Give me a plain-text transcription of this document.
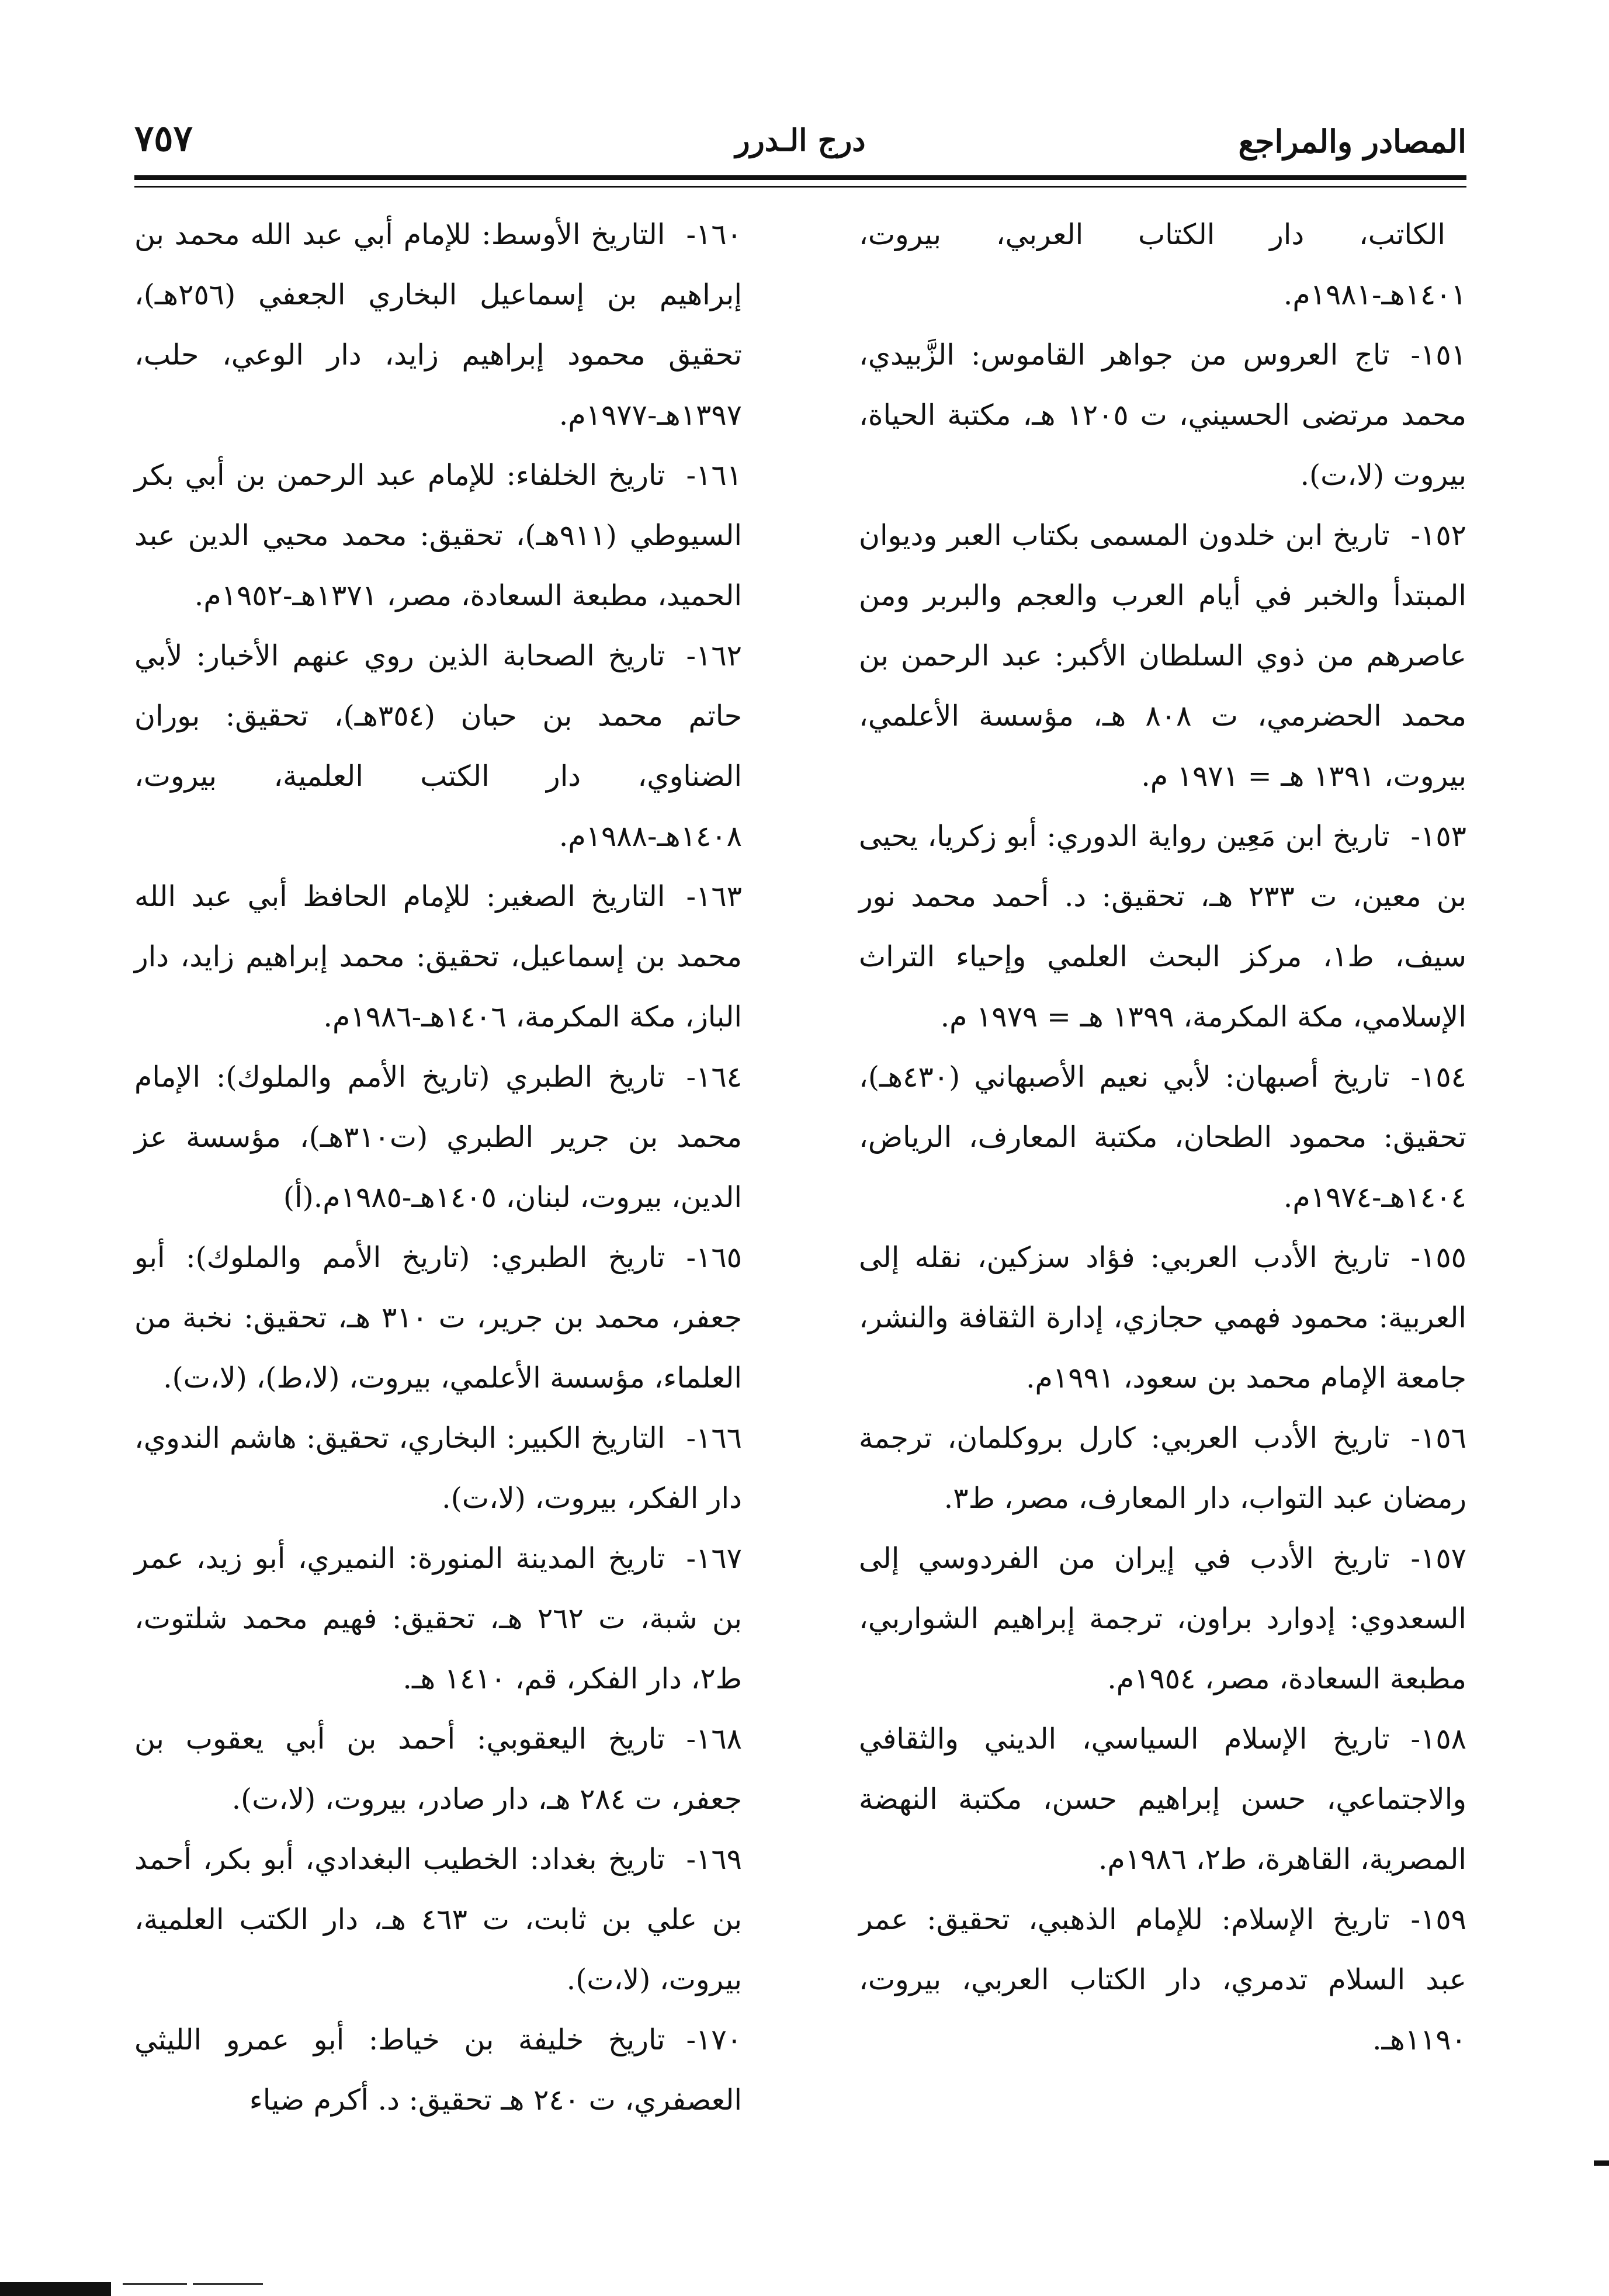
المصادر والمراجع
درج الـدرر
٧٥٧

الكاتب، دار الكتاب العربي، بيروت، ١٤٠١هـ-١٩٨١م.

١٥١-تاج العروس من جواهر القاموس: الزَّبيدي، محمد مرتضى الحسيني، ت ١٢٠٥ هـ، مكتبة الحياة، بيروت (لا،ت).

١٥٢-تاريخ ابن خلدون المسمى بكتاب العبر وديوان المبتدأ والخبر في أيام العرب والعجم والبربر ومن عاصرهم من ذوي السلطان الأكبر: عبد الرحمن بن محمد الحضرمي، ت ٨٠٨ هـ، مؤسسة الأعلمي، بيروت، ١٣٩١ هـ = ١٩٧١ م.

١٥٣-تاريخ ابن مَعِين رواية الدوري: أبو زكريا، يحيى بن معين، ت ٢٣٣ هـ، تحقيق: د. أحمد محمد نور سيف، ط١، مركز البحث العلمي وإحياء التراث الإسلامي، مكة المكرمة، ١٣٩٩ هـ = ١٩٧٩ م.

١٥٤-تاريخ أصبهان: لأبي نعيم الأصبهاني (٤٣٠هـ)، تحقيق: محمود الطحان، مكتبة المعارف، الرياض، ١٤٠٤هـ-١٩٧٤م.

١٥٥-تاريخ الأدب العربي: فؤاد سزكين، نقله إلى العربية: محمود فهمي حجازي، إدارة الثقافة والنشر، جامعة الإمام محمد بن سعود، ١٩٩١م.

١٥٦-تاريخ الأدب العربي: كارل بروكلمان، ترجمة رمضان عبد التواب، دار المعارف، مصر، ط٣.

١٥٧-تاريخ الأدب في إيران من الفردوسي إلى السعدوي: إدوارد براون، ترجمة إبراهيم الشواربي، مطبعة السعادة، مصر، ١٩٥٤م.

١٥٨-تاريخ الإسلام السياسي، الديني والثقافي والاجتماعي، حسن إبراهيم حسن، مكتبة النهضة المصرية، القاهرة، ط٢، ١٩٨٦م.

١٥٩-تاريخ الإسلام: للإمام الذهبي، تحقيق: عمر عبد السلام تدمري، دار الكتاب العربي، بيروت، ١١٩٠هـ.

١٦٠-التاريخ الأوسط: للإمام أبي عبد الله محمد بن إبراهيم بن إسماعيل البخاري الجعفي (٢٥٦هـ)، تحقيق محمود إبراهيم زايد، دار الوعي، حلب، ١٣٩٧هـ-١٩٧٧م.

١٦١-تاريخ الخلفاء: للإمام عبد الرحمن بن أبي بكر السيوطي (٩١١هـ)، تحقيق: محمد محيي الدين عبد الحميد، مطبعة السعادة، مصر، ١٣٧١هـ-١٩٥٢م.

١٦٢-تاريخ الصحابة الذين روي عنهم الأخبار: لأبي حاتم محمد بن حبان (٣٥٤هـ)، تحقيق: بوران الضناوي، دار الكتب العلمية، بيروت، ١٤٠٨هـ-١٩٨٨م.

١٦٣-التاريخ الصغير: للإمام الحافظ أبي عبد الله محمد بن إسماعيل، تحقيق: محمد إبراهيم زايد، دار الباز، مكة المكرمة، ١٤٠٦هـ-١٩٨٦م.

١٦٤-تاريخ الطبري (تاريخ الأمم والملوك): الإمام محمد بن جرير الطبري (ت٣١٠هـ)، مؤسسة عز الدين، بيروت، لبنان، ١٤٠٥هـ-١٩٨٥م.(أ)

١٦٥-تاريخ الطبري: (تاريخ الأمم والملوك): أبو جعفر، محمد بن جرير، ت ٣١٠ هـ، تحقيق: نخبة من العلماء، مؤسسة الأعلمي، بيروت، (لا،ط)، (لا،ت).

١٦٦-التاريخ الكبير: البخاري، تحقيق: هاشم الندوي، دار الفكر، بيروت، (لا،ت).

١٦٧-تاريخ المدينة المنورة: النميري، أبو زيد، عمر بن شبة، ت ٢٦٢ هـ، تحقيق: فهيم محمد شلتوت، ط٢، دار الفكر، قم، ١٤١٠ هـ.

١٦٨-تاريخ اليعقوبي: أحمد بن أبي يعقوب بن جعفر، ت ٢٨٤ هـ، دار صادر، بيروت، (لا،ت).

١٦٩-تاريخ بغداد: الخطيب البغدادي، أبو بكر، أحمد بن علي بن ثابت، ت ٤٦٣ هـ، دار الكتب العلمية، بيروت، (لا،ت).

١٧٠-تاريخ خليفة بن خياط: أبو عمرو الليثي العصفري، ت ٢٤٠ هـ تحقيق: د. أكرم ضياء
